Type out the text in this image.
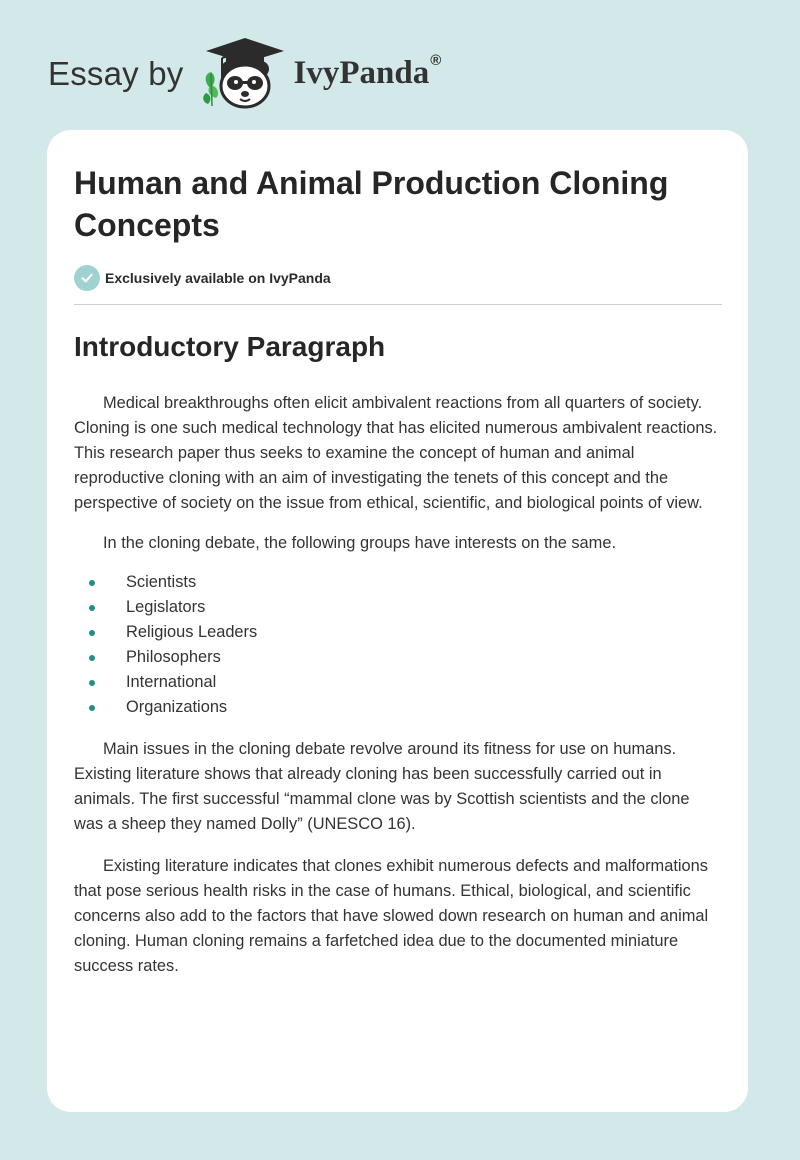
Essay by	IvyPanda®
Human and Animal Production Cloning Concepts
Exclusively available on IvyPanda
Introductory Paragraph

Medical breakthroughs often elicit ambivalent reactions from all quarters of society. Cloning is one such medical technology that has elicited numerous ambivalent reactions. This research paper thus seeks to examine the concept of human and animal reproductive cloning with an aim of investigating the tenets of this concept and the perspective of society on the issue from ethical, scientific, and biological points of view.

In the cloning debate, the following groups have interests on the same.

Scientists
Legislators
Religious Leaders
Philosophers
International
Organizations

Main issues in the cloning debate revolve around its fitness for use on humans. Existing literature shows that already cloning has been successfully carried out in animals. The first successful “mammal clone was by Scottish scientists and the clone was a sheep they named Dolly” (UNESCO 16).

Existing literature indicates that clones exhibit numerous defects and malformations that pose serious health risks in the case of humans. Ethical, biological, and scientific concerns also add to the factors that have slowed down research on human and animal cloning. Human cloning remains a farfetched idea due to the documented miniature success rates.
